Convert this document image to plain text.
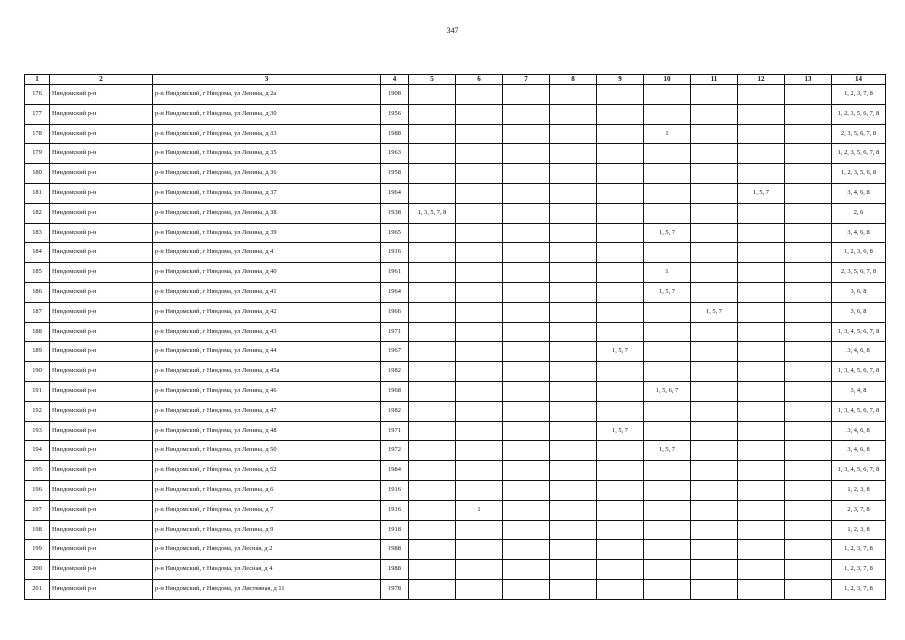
347
1	2	3	4	5	6	7	8	9	10	11	12	13	14
176	Няндомский р-н	р-н Няндомский, г Няндома, ул Ленина, д 2а	1908										1, 2, 3, 7, 8
177	Няндомский р-н	р-н Няндомский, г Няндома, ул Ленина, д 30	1956										1, 2, 3, 5, 6, 7, 8
178	Няндомский р-н	р-н Няндомский, г Няндома, ул Ленина, д 33	1988						1				2, 3, 5, 6, 7, 8
179	Няндомский р-н	р-н Няндомский, г Няндома, ул Ленина, д 35	1963										1, 2, 3, 5, 6, 7, 8
180	Няндомский р-н	р-н Няндомский, г Няндома, ул Ленина, д 36	1958										1, 2, 3, 5, 6, 8
181	Няндомский р-н	р-н Няндомский, г Няндома, ул Ленина, д 37	1964								1, 5, 7		3, 4, 6, 8
182	Няндомский р-н	р-н Няндомский, г Няндома, ул Ленина, д 38	1938	1, 3, 5, 7, 8									2, 6
183	Няндомский р-н	р-н Няндомский, г Няндома, ул Ленина, д 39	1965						1, 5, 7				3, 4, 6, 8
184	Няндомский р-н	р-н Няндомский, г Няндома, ул Ленина, д 4	1916										1, 2, 3, 6, 8
185	Няндомский р-н	р-н Няндомский, г Няндома, ул Ленина, д 40	1961						1				2, 3, 5, 6, 7, 8
186	Няндомский р-н	р-н Няндомский, г Няндома, ул Ленина, д 41	1964						1, 5, 7				3, 6, 8
187	Няндомский р-н	р-н Няндомский, г Няндома, ул Ленина, д 42	1966							1, 5, 7			3, 6, 8
188	Няндомский р-н	р-н Няндомский, г Няндома, ул Ленина, д 43	1971										1, 3, 4, 5, 6, 7, 8
189	Няндомский р-н	р-н Няндомский, г Няндома, ул Ленина, д 44	1967					1, 5, 7					3, 4, 6, 8
190	Няндомский р-н	р-н Няндомский, г Няндома, ул Ленина, д 45а	1982										1, 3, 4, 5, 6, 7, 8
191	Няндомский р-н	р-н Няндомский, г Няндома, ул Ленина, д 46	1968						1, 5, 6, 7				3, 4, 8
192	Няндомский р-н	р-н Няндомский, г Няндома, ул Ленина, д 47	1982										1, 3, 4, 5, 6, 7, 8
193	Няндомский р-н	р-н Няндомский, г Няндома, ул Ленина, д 48	1971					1, 5, 7					3, 4, 6, 8
194	Няндомский р-н	р-н Няндомский, г Няндома, ул Ленина, д 50	1972						1, 5, 7				3, 4, 6, 8
195	Няндомский р-н	р-н Няндомский, г Няндома, ул Ленина, д 52	1984										1, 3, 4, 5, 6, 7, 8
196	Няндомский р-н	р-н Няндомский, г Няндома, ул Ленина, д 6	1916										1, 2, 3, 8
197	Няндомский р-н	р-н Няндомский, г Няндома, ул Ленина, д 7	1916		1								2, 3, 7, 8
198	Няндомский р-н	р-н Няндомский, г Няндома, ул Ленина, д 9	1918										1, 2, 3, 8
199	Няндомский р-н	р-н Няндомский, г Няндома, ул Лесная, д 2	1988										1, 2, 3, 7, 8
200	Няндомский р-н	р-н Няндомский, г Няндома, ул Лесная, д 4	1988										1, 2, 3, 7, 8
201	Няндомский р-н	р-н Няндомский, г Няндома, ул Листвяная, д 11	1978										1, 2, 3, 7, 8
